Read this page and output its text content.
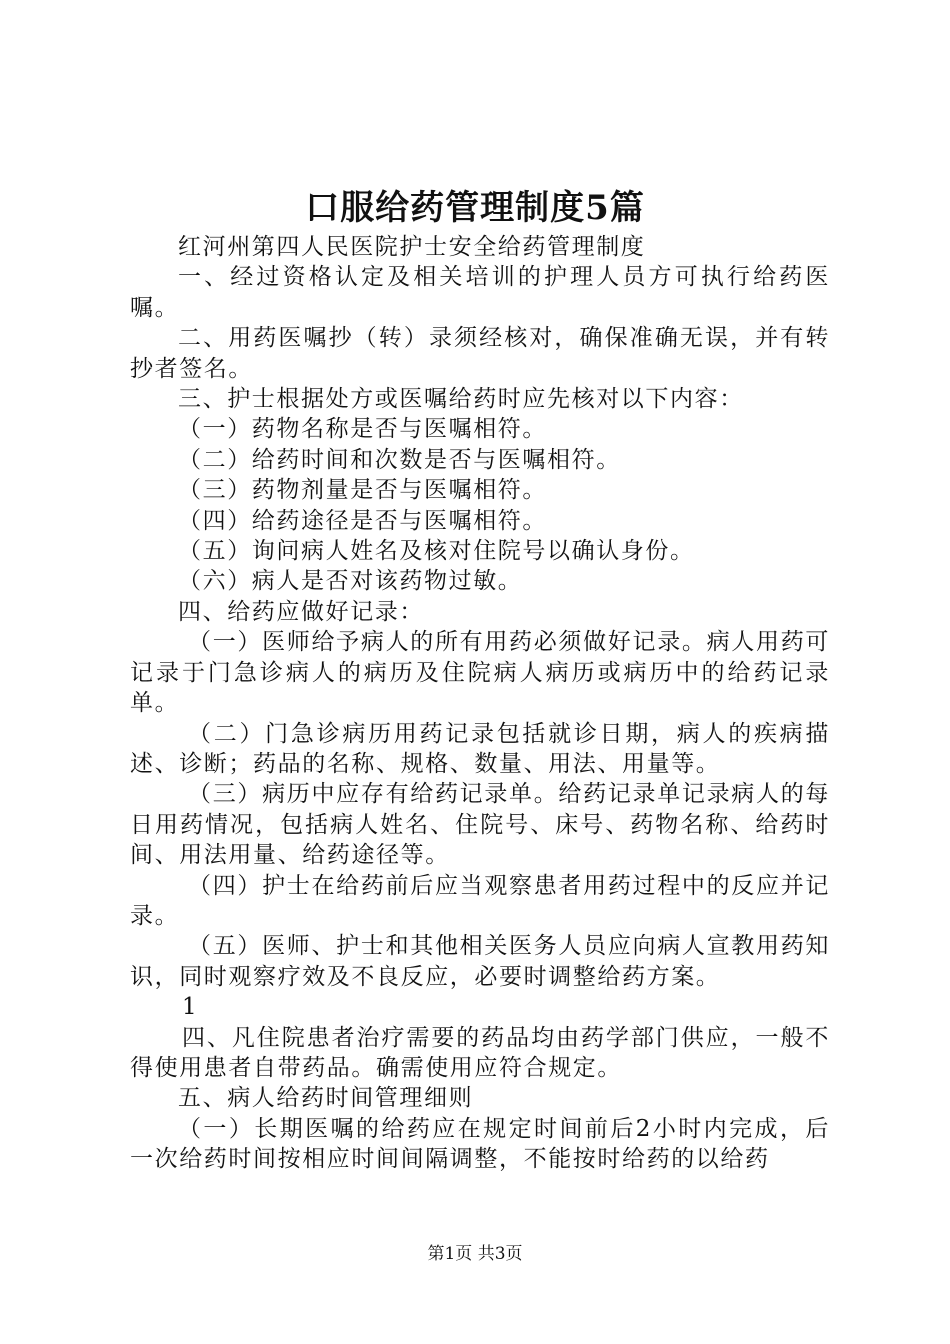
口服给药管理制度5篇

红河州第四人民医院护士安全给药管理制度

一、经过资格认定及相关培训的护理人员方可执行给药医嘱。

二、用药医嘱抄（转）录须经核对，确保准确无误，并有转抄者签名。

三、护士根据处方或医嘱给药时应先核对以下内容：

（一）药物名称是否与医嘱相符。

（二）给药时间和次数是否与医嘱相符。

（三）药物剂量是否与医嘱相符。

（四）给药途径是否与医嘱相符。

（五）询问病人姓名及核对住院号以确认身份。

（六）病人是否对该药物过敏。

四、给药应做好记录：

（一）医师给予病人的所有用药必须做好记录。病人用药可记录于门急诊病人的病历及住院病人病历或病历中的给药记录单。

（二）门急诊病历用药记录包括就诊日期，病人的疾病描述、诊断；药品的名称、规格、数量、用法、用量等。

（三）病历中应存有给药记录单。给药记录单记录病人的每日用药情况，包括病人姓名、住院号、床号、药物名称、给药时间、用法用量、给药途径等。

（四）护士在给药前后应当观察患者用药过程中的反应并记录。

（五）医师、护士和其他相关医务人员应向病人宣教用药知识，同时观察疗效及不良反应，必要时调整给药方案。

1

四、凡住院患者治疗需要的药品均由药学部门供应，一般不得使用患者自带药品。确需使用应符合规定。

五、病人给药时间管理细则

（一）长期医嘱的给药应在规定时间前后2小时内完成，后一次给药时间按相应时间间隔调整，不能按时给药的以给药

第1页 共3页
